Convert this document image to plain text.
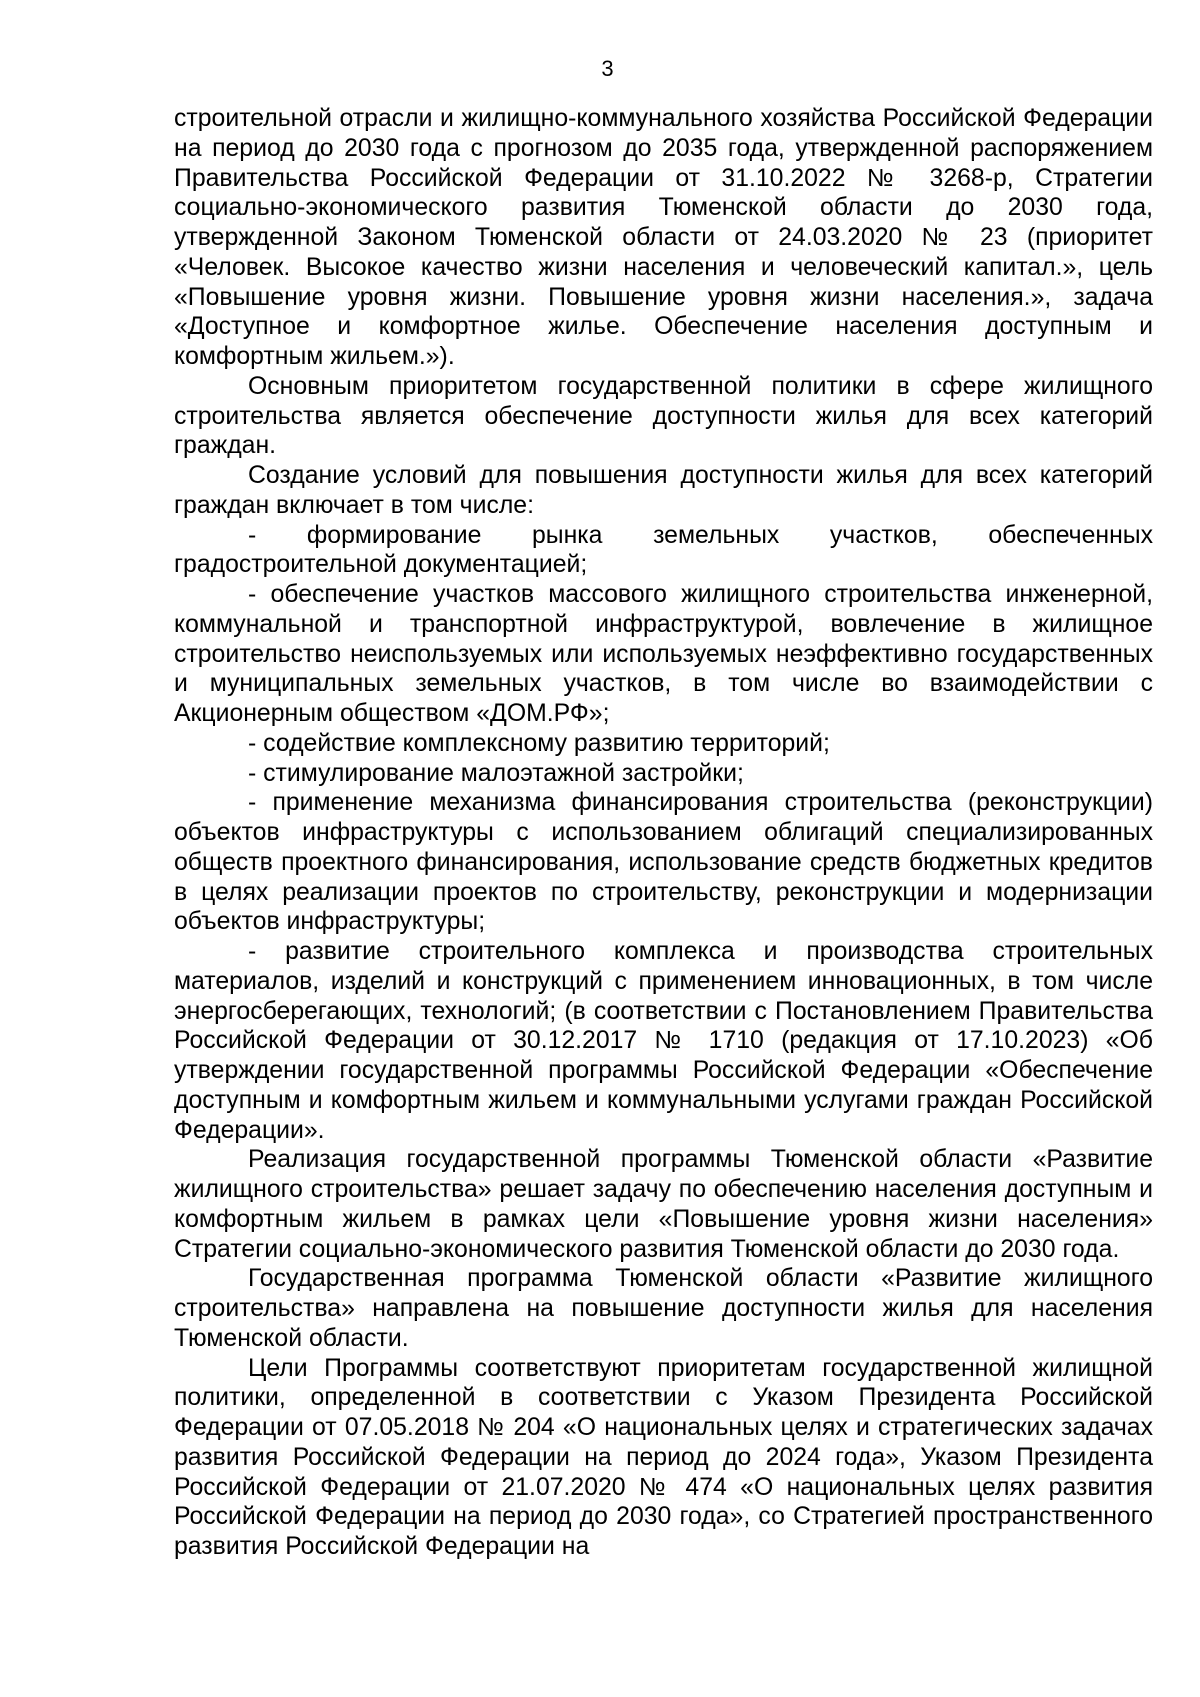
3

строительной отрасли и жилищно-коммунального хозяйства Российской Федерации на период до 2030 года с прогнозом до 2035 года, утвержденной распоряжением Правительства Российской Федерации от 31.10.2022 № 3268-р, Стратегии социально-экономического развития Тюменской области до 2030 года, утвержденной Законом Тюменской области от 24.03.2020 № 23 (приоритет «Человек. Высокое качество жизни населения и человеческий капитал.», цель «Повышение уровня жизни. Повышение уровня жизни населения.», задача «Доступное и комфортное жилье. Обеспечение населения доступным и комфортным жильем.»).

Основным приоритетом государственной политики в сфере жилищного строительства является обеспечение доступности жилья для всех категорий граждан.

Создание условий для повышения доступности жилья для всех категорий граждан включает в том числе:

- формирование рынка земельных участков, обеспеченных градостроительной документацией;

- обеспечение участков массового жилищного строительства инженерной, коммунальной и транспортной инфраструктурой, вовлечение в жилищное строительство неиспользуемых или используемых неэффективно государственных и муниципальных земельных участков, в том числе во взаимодействии с Акционерным обществом «ДОМ.РФ»;

- содействие комплексному развитию территорий;

- стимулирование малоэтажной застройки;

- применение механизма финансирования строительства (реконструкции) объектов инфраструктуры с использованием облигаций специализированных обществ проектного финансирования, использование средств бюджетных кредитов в целях реализации проектов по строительству, реконструкции и модернизации объектов инфраструктуры;

- развитие строительного комплекса и производства строительных материалов, изделий и конструкций с применением инновационных, в том числе энергосберегающих, технологий; (в соответствии с Постановлением Правительства Российской Федерации от 30.12.2017 № 1710 (редакция от 17.10.2023) «Об утверждении государственной программы Российской Федерации «Обеспечение доступным и комфортным жильем и коммунальными услугами граждан Российской Федерации».

Реализация государственной программы Тюменской области «Развитие жилищного строительства» решает задачу по обеспечению населения доступным и комфортным жильем в рамках цели «Повышение уровня жизни населения» Стратегии социально-экономического развития Тюменской области до 2030 года.

Государственная программа Тюменской области «Развитие жилищного строительства» направлена на повышение доступности жилья для населения Тюменской области.

Цели Программы соответствуют приоритетам государственной жилищной политики, определенной в соответствии с Указом Президента Российской Федерации от 07.05.2018 № 204 «О национальных целях и стратегических задачах развития Российской Федерации на период до 2024 года», Указом Президента Российской Федерации от 21.07.2020 № 474 «О национальных целях развития Российской Федерации на период до 2030 года», со Стратегией пространственного развития Российской Федерации на
